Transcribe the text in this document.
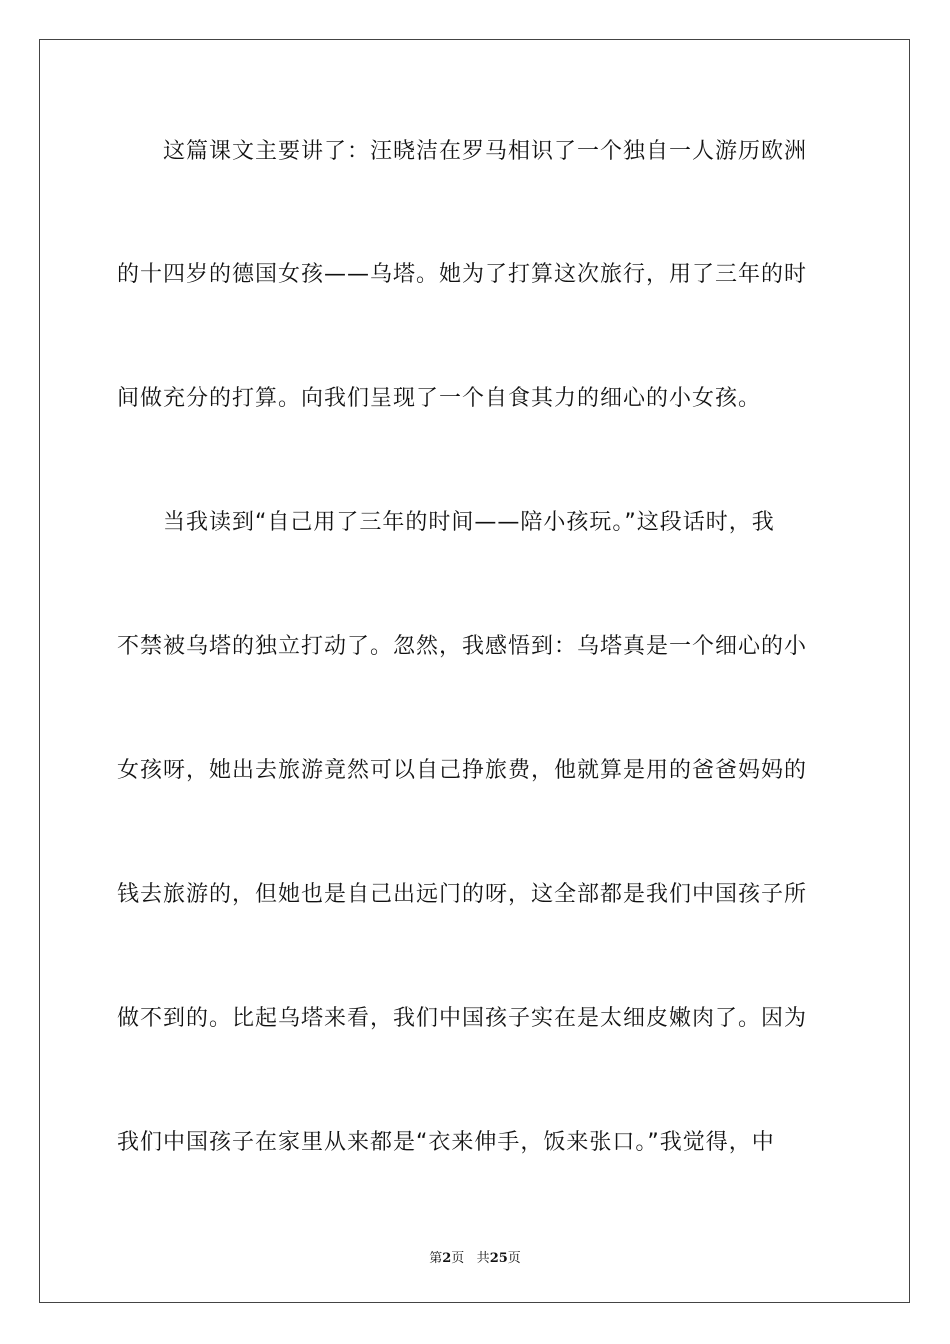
　　这篇课文主要讲了：汪晓洁在罗马相识了一个独自一人游历欧洲
的十四岁的德国女孩——乌塔。她为了打算这次旅行，用了三年的时
间做充分的打算。向我们呈现了一个自食其力的细心的小女孩。
　　当我读到“自己用了三年的时间——陪小孩玩。”这段话时，我
不禁被乌塔的独立打动了。忽然，我感悟到：乌塔真是一个细心的小
女孩呀，她出去旅游竟然可以自己挣旅费，他就算是用的爸爸妈妈的
钱去旅游的，但她也是自己出远门的呀，这全部都是我们中国孩子所
做不到的。比起乌塔来看，我们中国孩子实在是太细皮嫩肉了。因为
我们中国孩子在家里从来都是“衣来伸手，饭来张口。”我觉得，中
第2页 共25页
